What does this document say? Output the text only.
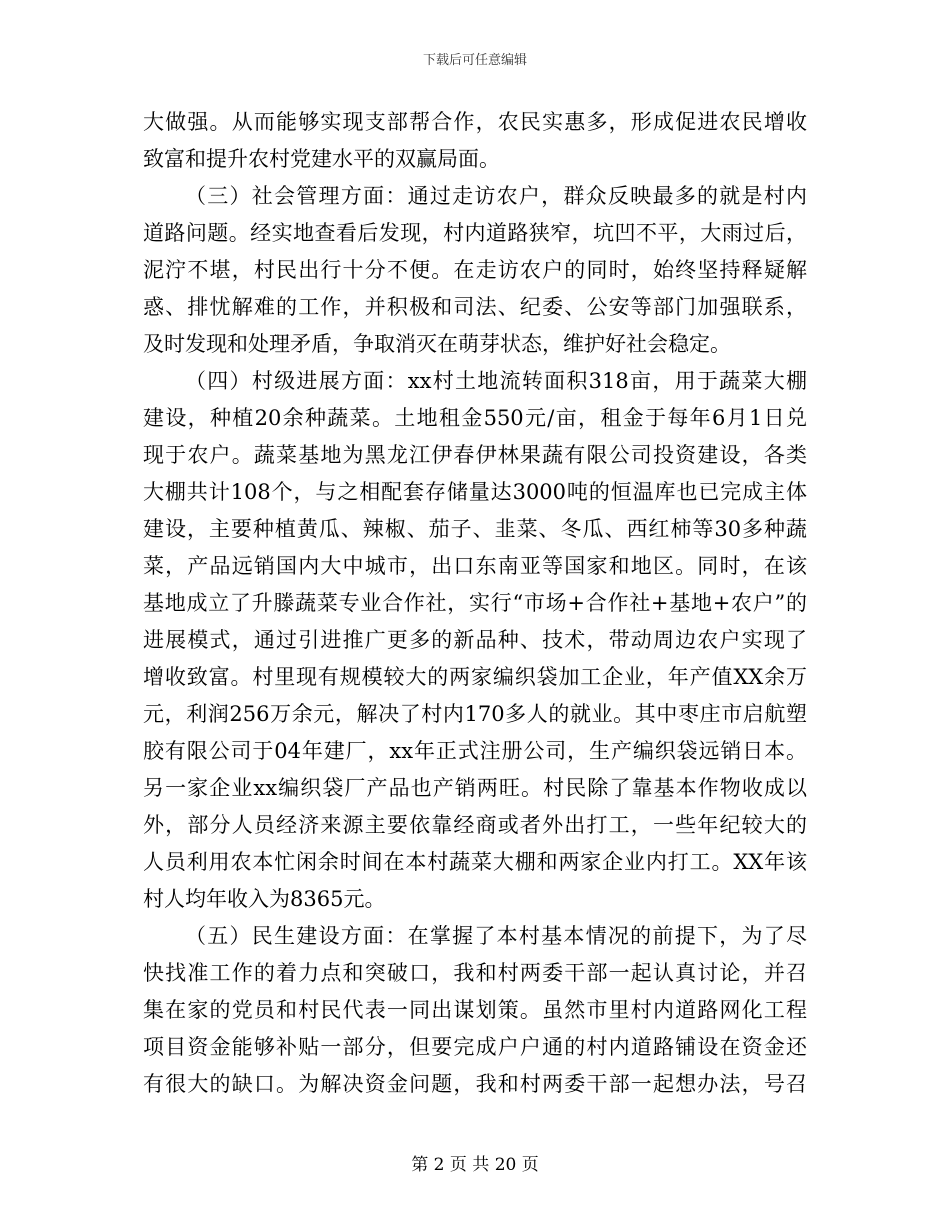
下载后可任意编辑
大做强。从而能够实现支部帮合作，农民实惠多，形成促进农民增收
致富和提升农村党建水平的双赢局面。
（三）社会管理方面：通过走访农户，群众反映最多的就是村内
道路问题。经实地查看后发现，村内道路狭窄，坑凹不平，大雨过后，
泥泞不堪，村民出行十分不便。在走访农户的同时，始终坚持释疑解
惑、排忧解难的工作，并积极和司法、纪委、公安等部门加强联系，
及时发现和处理矛盾，争取消灭在萌芽状态，维护好社会稳定。
（四）村级进展方面：xx村土地流转面积318亩，用于蔬菜大棚
建设，种植20余种蔬菜。土地租金550元/亩，租金于每年6月1日兑
现于农户。蔬菜基地为黑龙江伊春伊林果蔬有限公司投资建设，各类
大棚共计108个，与之相配套存储量达3000吨的恒温库也已完成主体
建设，主要种植黄瓜、辣椒、茄子、韭菜、冬瓜、西红柿等30多种蔬
菜，产品远销国内大中城市，出口东南亚等国家和地区。同时，在该
基地成立了升滕蔬菜专业合作社，实行“市场+合作社+基地+农户”的
进展模式，通过引进推广更多的新品种、技术，带动周边农户实现了
增收致富。村里现有规模较大的两家编织袋加工企业，年产值XX余万
元，利润256万余元，解决了村内170多人的就业。其中枣庄市启航塑
胶有限公司于04年建厂，xx年正式注册公司，生产编织袋远销日本。
另一家企业xx编织袋厂产品也产销两旺。村民除了靠基本作物收成以
外，部分人员经济来源主要依靠经商或者外出打工，一些年纪较大的
人员利用农本忙闲余时间在本村蔬菜大棚和两家企业内打工。XX年该
村人均年收入为8365元。
（五）民生建设方面：在掌握了本村基本情况的前提下，为了尽
快找准工作的着力点和突破口，我和村两委干部一起认真讨论，并召
集在家的党员和村民代表一同出谋划策。虽然市里村内道路网化工程
项目资金能够补贴一部分，但要完成户户通的村内道路铺设在资金还
有很大的缺口。为解决资金问题，我和村两委干部一起想办法，号召
第 2 页 共 20 页
